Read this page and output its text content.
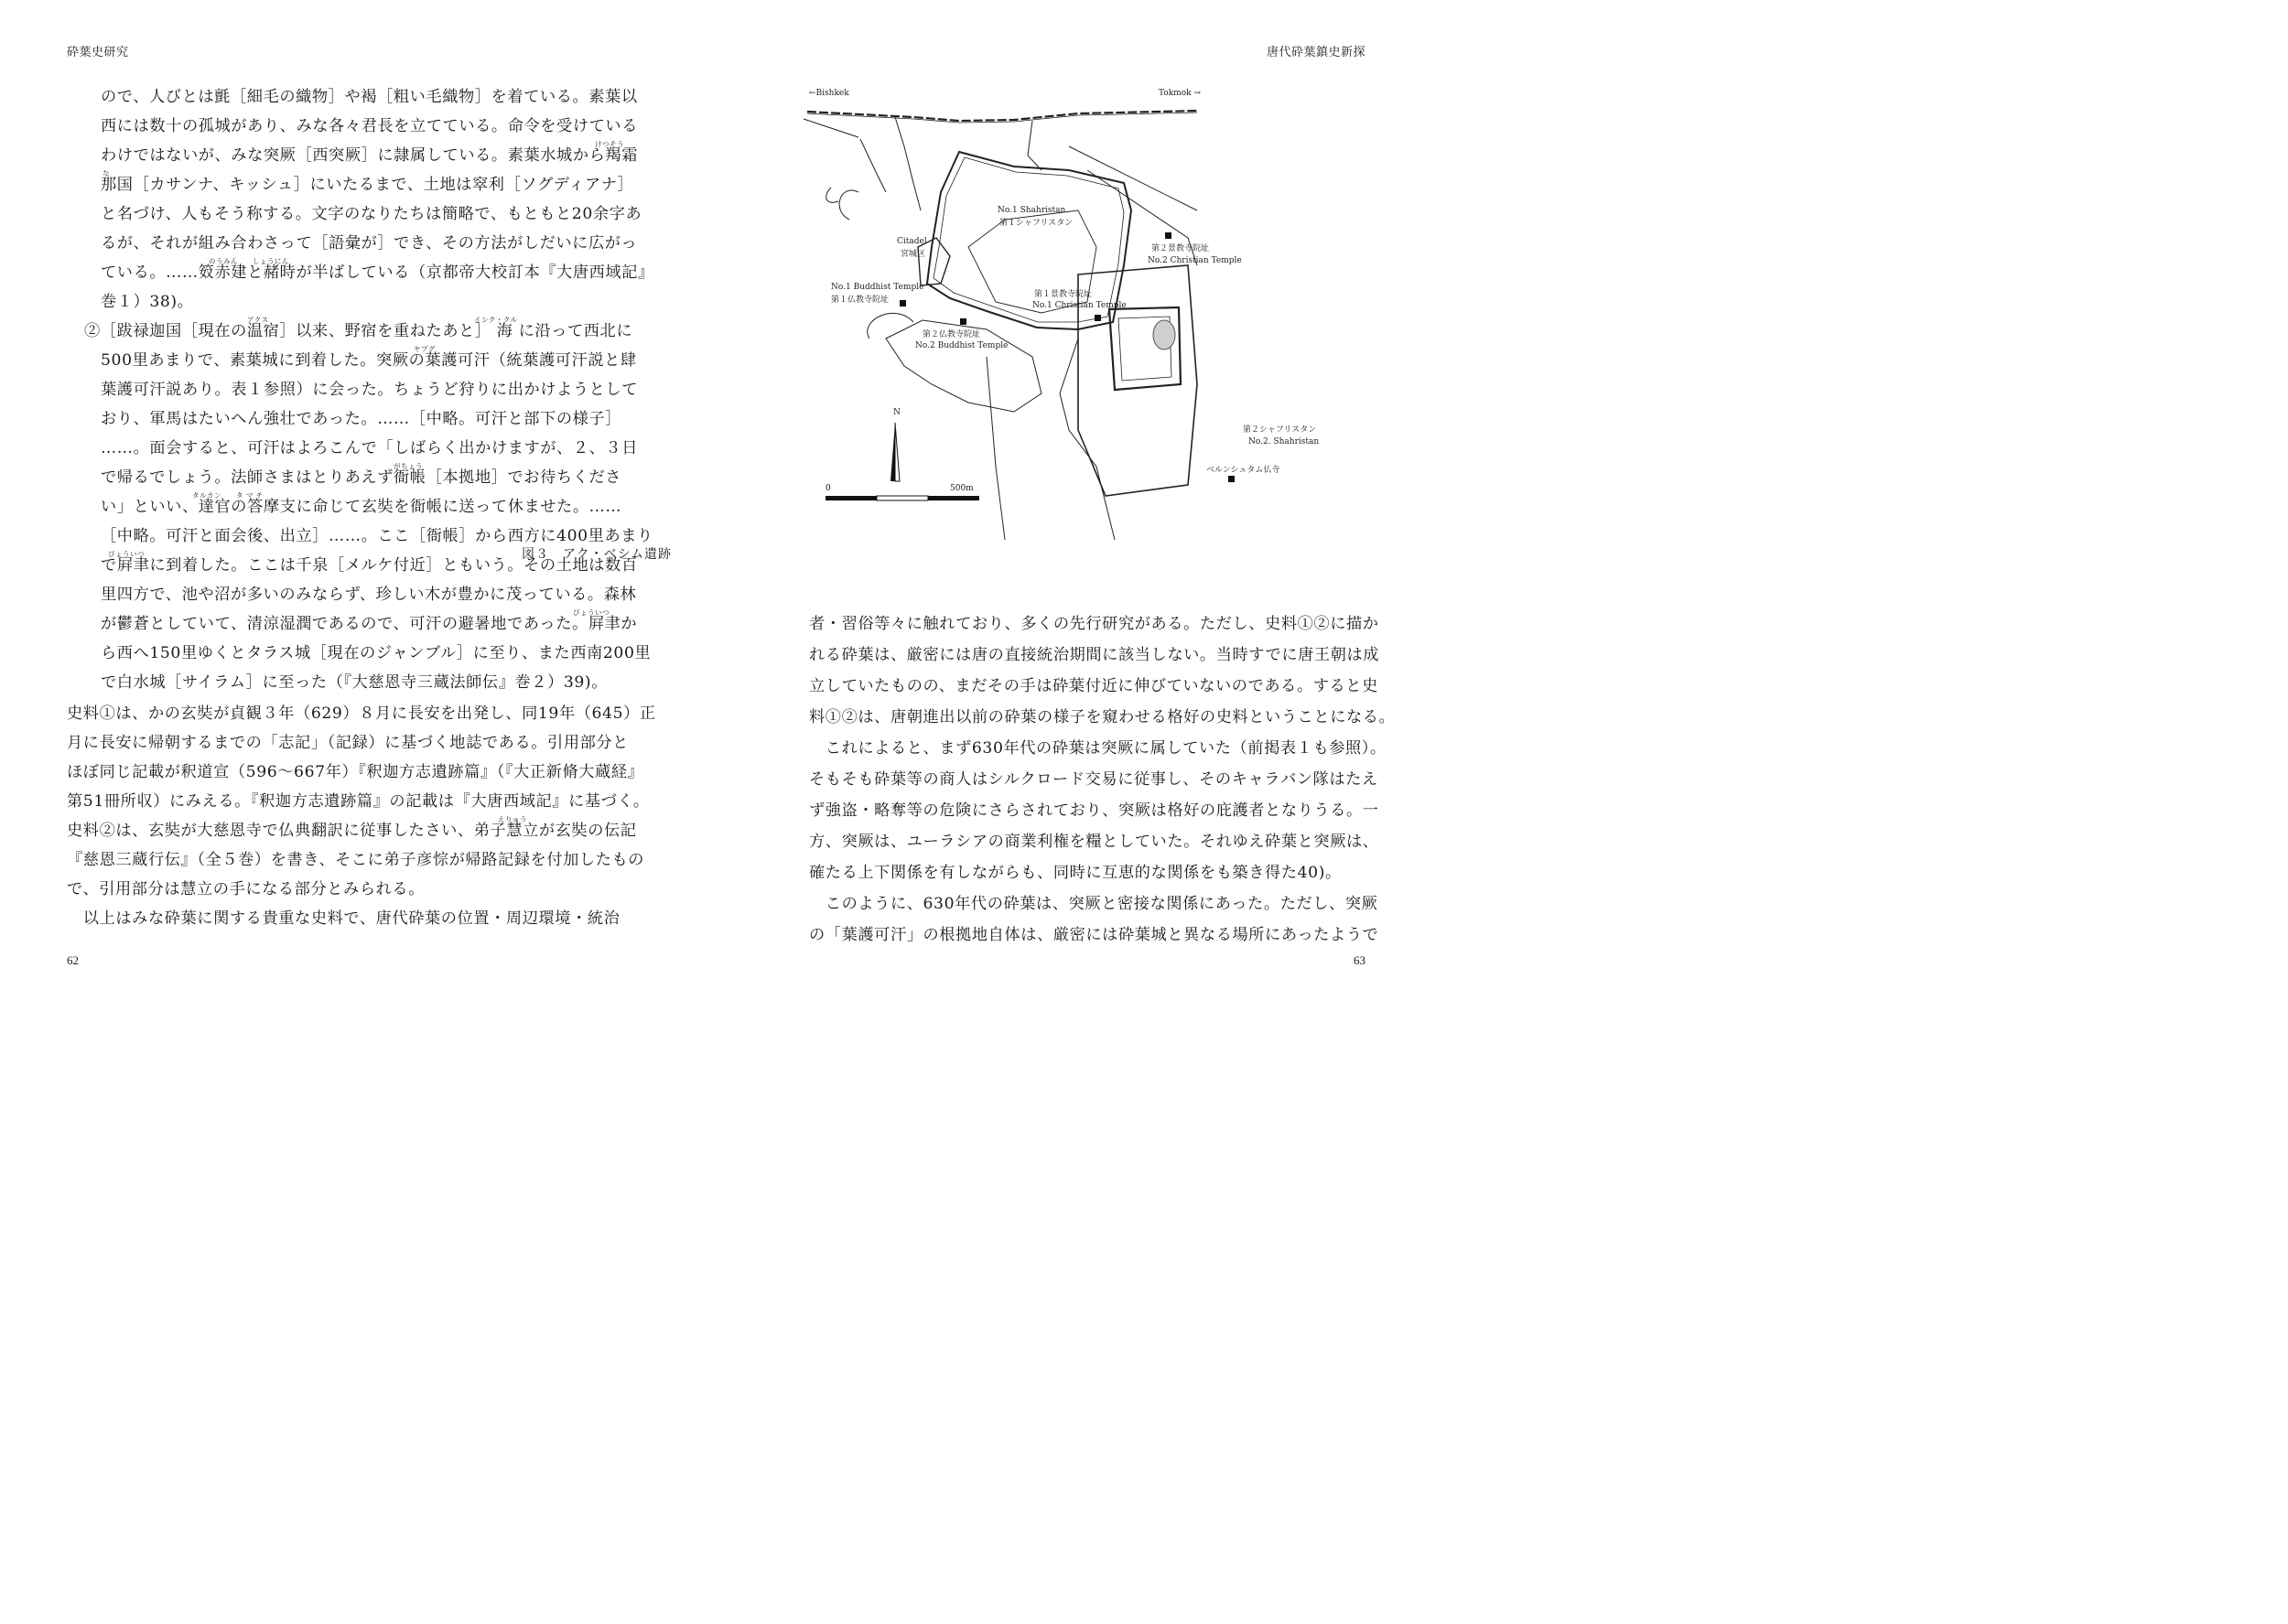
砕葉史研究
ので、人びとは氈［細毛の織物］や褐［粗い毛織物］を着ている。素葉以
西には数十の孤城があり、みな各々君長を立てている。命令を受けている
わけではないが、みな突厥［西突厥］に隷属している。素葉水城から羯霜
那国［カサンナ、キッシュ］にいたるまで、土地は窣利［ソグディアナ］
と名づけ、人もそう称する。文字のなりたちは簡略で、もともと20余字あ
るが、それが組み合わさって［語彙が］でき、その方法がしだいに広がっ
ている。……笯赤建と赭時が半ばしている（京都帝大校訂本『大唐西域記』
巻１）38)。
②［跋禄迦国［現在の温宿］以来、野宿を重ねたあと］ 海 に沿って西北に
500里あまりで、素葉城に到着した。突厥の葉護可汗（統葉護可汗説と肆
葉護可汗説あり。表１参照）に会った。ちょうど狩りに出かけようとして
おり、軍馬はたいへん強壮であった。……［中略。可汗と部下の様子］
……。面会すると、可汗はよろこんで「しばらく出かけますが、２、３日
で帰るでしょう。法師さまはとりあえず衙帳［本拠地］でお待ちくださ
い」といい、達官の答摩支に命じて玄奘を衙帳に送って休ませた。……
［中略。可汗と面会後、出立］……。ここ［衙帳］から西方に400里あまり
で屛聿に到着した。ここは千泉［メルケ付近］ともいう。その土地は数百
里四方で、池や沼が多いのみならず、珍しい木が豊かに茂っている。森林
が鬱蒼としていて、清涼湿潤であるので、可汗の避暑地であった。屛聿か
ら西へ150里ゆくとタラス城［現在のジャンブル］に至り、また西南200里
で白水城［サイラム］に至った（『大慈恩寺三蔵法師伝』巻２）39)。
史料①は、かの玄奘が貞観３年（629）８月に長安を出発し、同19年（645）正
月に長安に帰朝するまでの「志記」（記録）に基づく地誌である。引用部分と
ほぼ同じ記載が釈道宣（596〜667年）『釈迦方志遺跡篇』（『大正新脩大蔵経』
第51冊所収）にみえる。『釈迦方志遺跡篇』の記載は『大唐西域記』に基づく。
史料②は、玄奘が大慈恩寺で仏典翻訳に従事したさい、弟子慧立が玄奘の伝記
『慈恩三蔵行伝』（全５巻）を書き、そこに弟子彦悰が帰路記録を付加したもの
で、引用部分は慧立の手になる部分とみられる。
　以上はみな砕葉に関する貴重な史料で、唐代砕葉の位置・周辺環境・統治
けつそう
な
のうみん しょうにん
アクス	イシク・クル
ヤブグ
がちょう
タルカン タ マ チ
びょういつ
びょういつ
えりゅう
62
唐代砕葉鎮史新探
←Bishkek	Tokmok →
No.1 Shahristan
第１シャフリスタン
Citadel
宮城区
第２景教寺院址
No.2 Christian Temple
No.1 Buddhist Temple
第１仏教寺院址
第１景教寺院址
No.1 Christian Temple
第２仏教寺院址
No.2 Buddhist Temple
N
第２シャフリスタン
No.2. Shahristan
0	500m
ベルンシュタム仏寺
図３　アク・ベシム遺跡
者・習俗等々に触れており、多くの先行研究がある。ただし、史料①②に描か
れる砕葉は、厳密には唐の直接統治期間に該当しない。当時すでに唐王朝は成
立していたものの、まだその手は砕葉付近に伸びていないのである。すると史
料①②は、唐朝進出以前の砕葉の様子を窺わせる格好の史料ということになる。
　これによると、まず630年代の砕葉は突厥に属していた（前掲表１も参照）。
そもそも砕葉等の商人はシルクロード交易に従事し、そのキャラバン隊はたえ
ず強盗・略奪等の危険にさらされており、突厥は格好の庇護者となりうる。一
方、突厥は、ユーラシアの商業利権を糧としていた。それゆえ砕葉と突厥は、
確たる上下関係を有しながらも、同時に互恵的な関係をも築き得た40)。
　このように、630年代の砕葉は、突厥と密接な関係にあった。ただし、突厥
の「葉護可汗」の根拠地自体は、厳密には砕葉城と異なる場所にあったようで
63
